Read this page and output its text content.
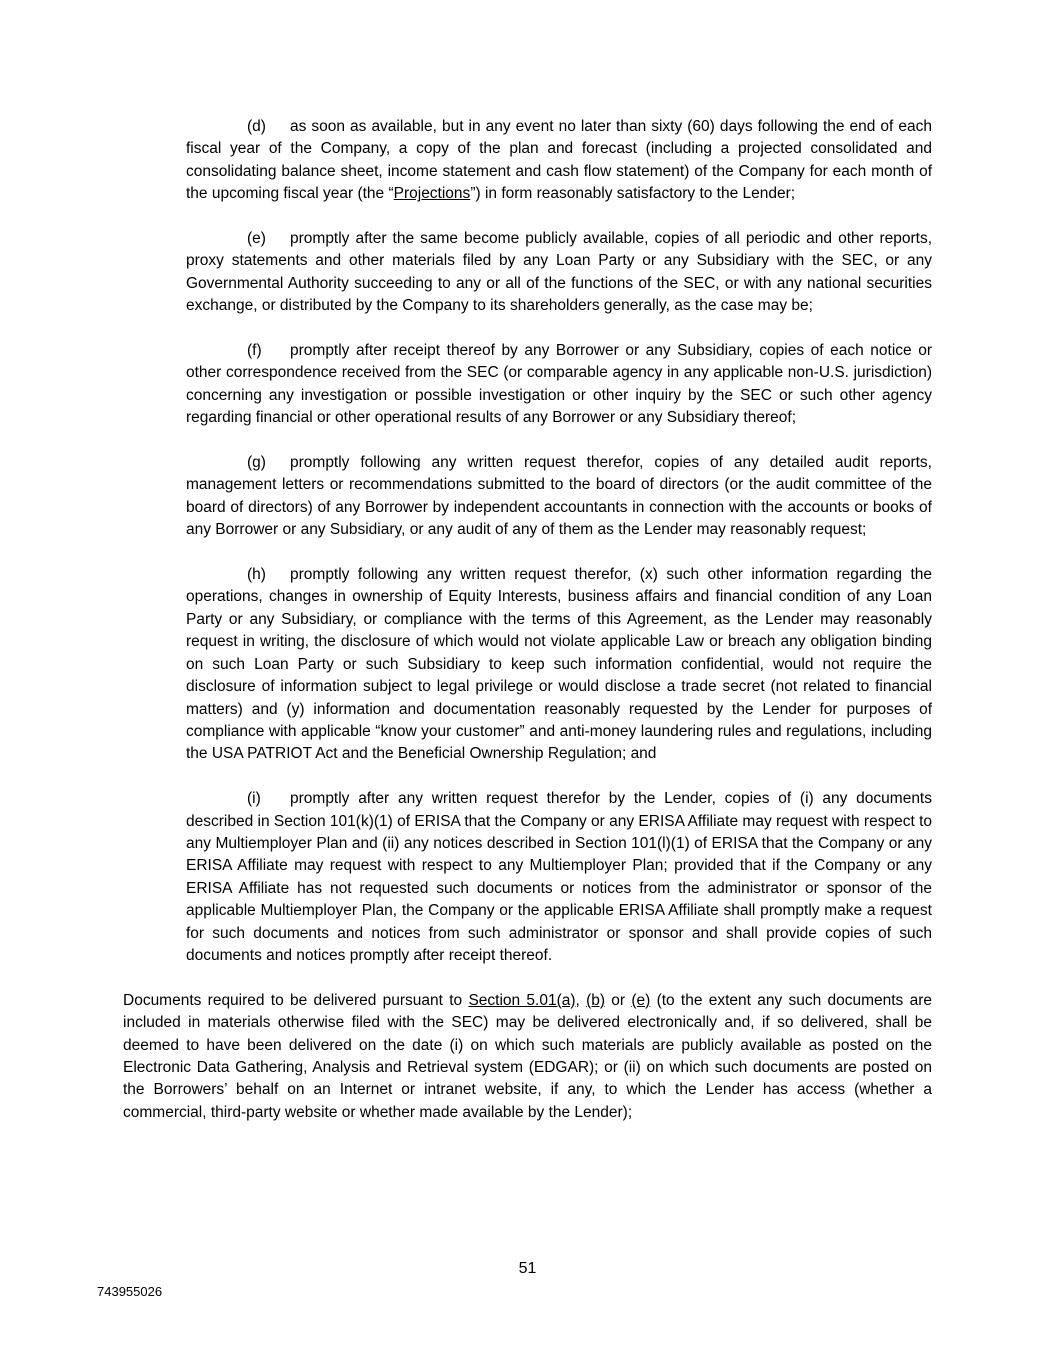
(d) as soon as available, but in any event no later than sixty (60) days following the end of each fiscal year of the Company, a copy of the plan and forecast (including a projected consolidated and consolidating balance sheet, income statement and cash flow statement) of the Company for each month of the upcoming fiscal year (the “Projections”) in form reasonably satisfactory to the Lender;

(e) promptly after the same become publicly available, copies of all periodic and other reports, proxy statements and other materials filed by any Loan Party or any Subsidiary with the SEC, or any Governmental Authority succeeding to any or all of the functions of the SEC, or with any national securities exchange, or distributed by the Company to its shareholders generally, as the case may be;

(f) promptly after receipt thereof by any Borrower or any Subsidiary, copies of each notice or other correspondence received from the SEC (or comparable agency in any applicable non-U.S. jurisdiction) concerning any investigation or possible investigation or other inquiry by the SEC or such other agency regarding financial or other operational results of any Borrower or any Subsidiary thereof;

(g) promptly following any written request therefor, copies of any detailed audit reports, management letters or recommendations submitted to the board of directors (or the audit committee of the board of directors) of any Borrower by independent accountants in connection with the accounts or books of any Borrower or any Subsidiary, or any audit of any of them as the Lender may reasonably request;

(h) promptly following any written request therefor, (x) such other information regarding the operations, changes in ownership of Equity Interests, business affairs and financial condition of any Loan Party or any Subsidiary, or compliance with the terms of this Agreement, as the Lender may reasonably request in writing, the disclosure of which would not violate applicable Law or breach any obligation binding on such Loan Party or such Subsidiary to keep such information confidential, would not require the disclosure of information subject to legal privilege or would disclose a trade secret (not related to financial matters) and (y) information and documentation reasonably requested by the Lender for purposes of compliance with applicable “know your customer” and anti-money laundering rules and regulations, including the USA PATRIOT Act and the Beneficial Ownership Regulation; and

(i) promptly after any written request therefor by the Lender, copies of (i) any documents described in Section 101(k)(1) of ERISA that the Company or any ERISA Affiliate may request with respect to any Multiemployer Plan and (ii) any notices described in Section 101(l)(1) of ERISA that the Company or any ERISA Affiliate may request with respect to any Multiemployer Plan; provided that if the Company or any ERISA Affiliate has not requested such documents or notices from the administrator or sponsor of the applicable Multiemployer Plan, the Company or the applicable ERISA Affiliate shall promptly make a request for such documents and notices from such administrator or sponsor and shall provide copies of such documents and notices promptly after receipt thereof.

Documents required to be delivered pursuant to Section 5.01(a), (b) or (e) (to the extent any such documents are included in materials otherwise filed with the SEC) may be delivered electronically and, if so delivered, shall be deemed to have been delivered on the date (i) on which such materials are publicly available as posted on the Electronic Data Gathering, Analysis and Retrieval system (EDGAR); or (ii) on which such documents are posted on the Borrowers’ behalf on an Internet or intranet website, if any, to which the Lender has access (whether a commercial, third-party website or whether made available by the Lender);

51
743955026
